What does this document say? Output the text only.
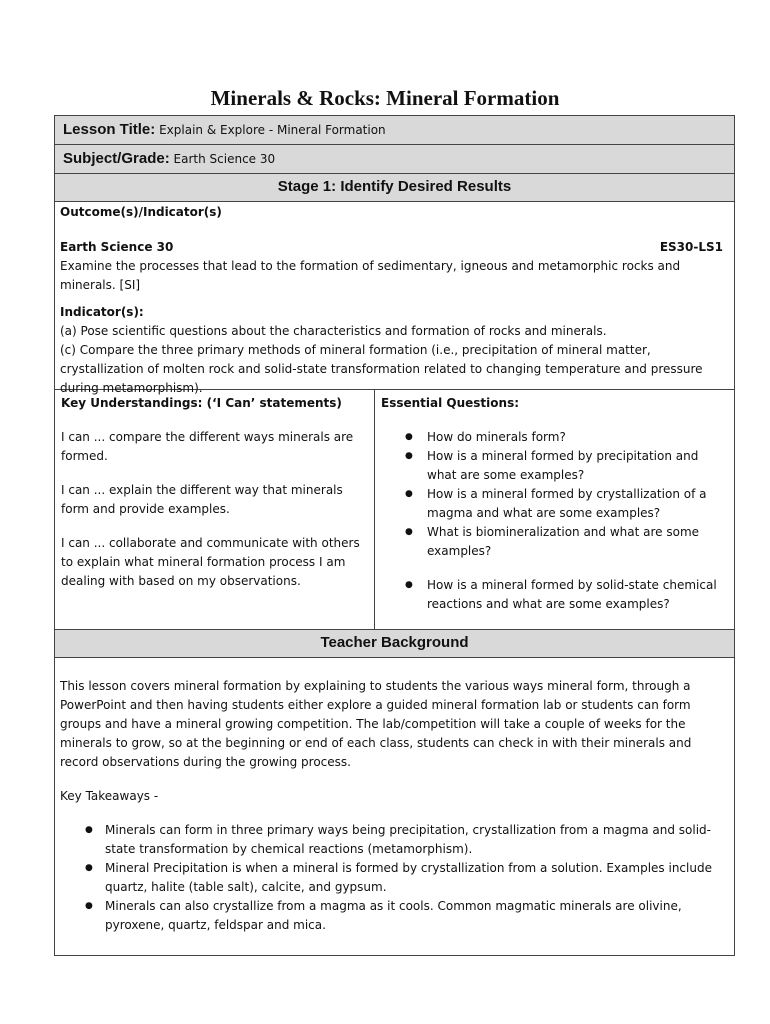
Minerals & Rocks: Mineral Formation
Lesson Title: Explain & Explore - Mineral Formation
Subject/Grade: Earth Science 30
Stage 1: Identify Desired Results
Outcome(s)/Indicator(s)
Earth Science 30	ES30-LS1
Examine the processes that lead to the formation of sedimentary, igneous and metamorphic rocks and
minerals. [SI]
Indicator(s):
(a) Pose scientific questions about the characteristics and formation of rocks and minerals.
(c) Compare the three primary methods of mineral formation (i.e., precipitation of mineral matter,
crystallization of molten rock and solid-state transformation related to changing temperature and pressure
during metamorphism).
Key Understandings: (‘I Can’ statements)
I can ... compare the different ways minerals are
formed.
I can ... explain the different way that minerals
form and provide examples.
I can ... collaborate and communicate with others
to explain what mineral formation process I am
dealing with based on my observations.
Essential Questions:
● How do minerals form?
● How is a mineral formed by precipitation and
what are some examples?
● How is a mineral formed by crystallization of a
magma and what are some examples?
● What is biomineralization and what are some
examples?
● How is a mineral formed by solid-state chemical
reactions and what are some examples?
Teacher Background
This lesson covers mineral formation by explaining to students the various ways mineral form, through a
PowerPoint and then having students either explore a guided mineral formation lab or students can form
groups and have a mineral growing competition. The lab/competition will take a couple of weeks for the
minerals to grow, so at the beginning or end of each class, students can check in with their minerals and
record observations during the growing process.
Key Takeaways -
● Minerals can form in three primary ways being precipitation, crystallization from a magma and solid-
state transformation by chemical reactions (metamorphism).
● Mineral Precipitation is when a mineral is formed by crystallization from a solution. Examples include
quartz, halite (table salt), calcite, and gypsum.
● Minerals can also crystallize from a magma as it cools. Common magmatic minerals are olivine,
pyroxene, quartz, feldspar and mica.
